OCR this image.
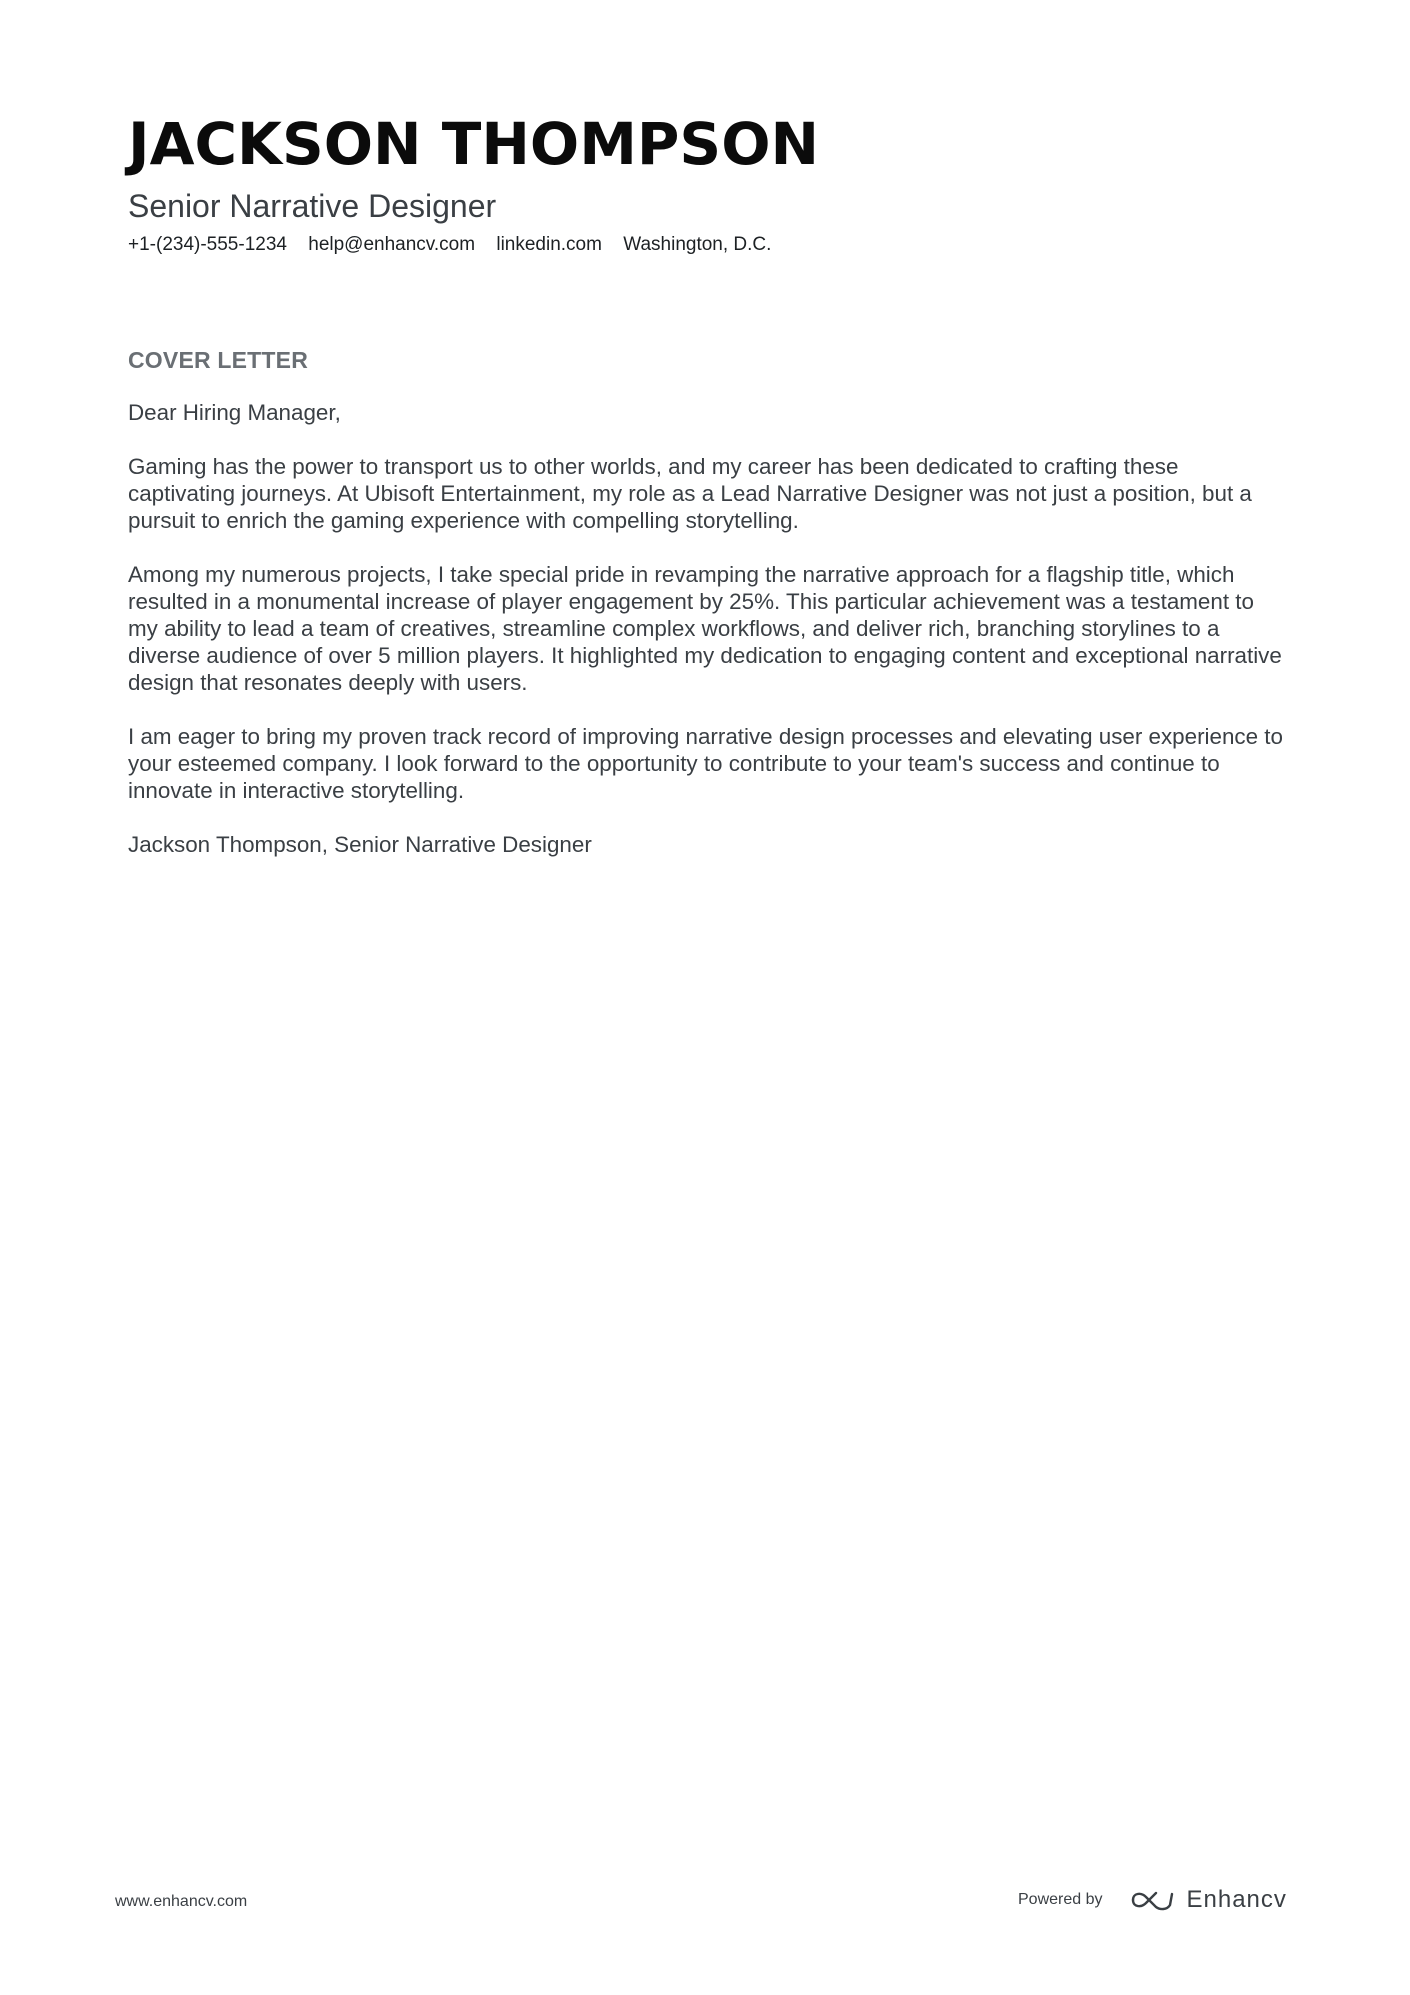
JACKSON THOMPSON
Senior Narrative Designer
+1-(234)-555-1234 help@enhancv.com linkedin.com Washington, D.C.
COVER LETTER

Dear Hiring Manager,

Gaming has the power to transport us to other worlds, and my career has been dedicated to crafting these captivating journeys. At Ubisoft Entertainment, my role as a Lead Narrative Designer was not just a position, but a pursuit to enrich the gaming experience with compelling storytelling.

Among my numerous projects, I take special pride in revamping the narrative approach for a flagship title, which resulted in a monumental increase of player engagement by 25%. This particular achievement was a testament to my ability to lead a team of creatives, streamline complex workflows, and deliver rich, branching storylines to a diverse audience of over 5 million players. It highlighted my dedication to engaging content and exceptional narrative design that resonates deeply with users.

I am eager to bring my proven track record of improving narrative design processes and elevating user experience to your esteemed company. I look forward to the opportunity to contribute to your team's success and continue to innovate in interactive storytelling.

Jackson Thompson, Senior Narrative Designer

www.enhancv.com	Powered by	Enhancv
